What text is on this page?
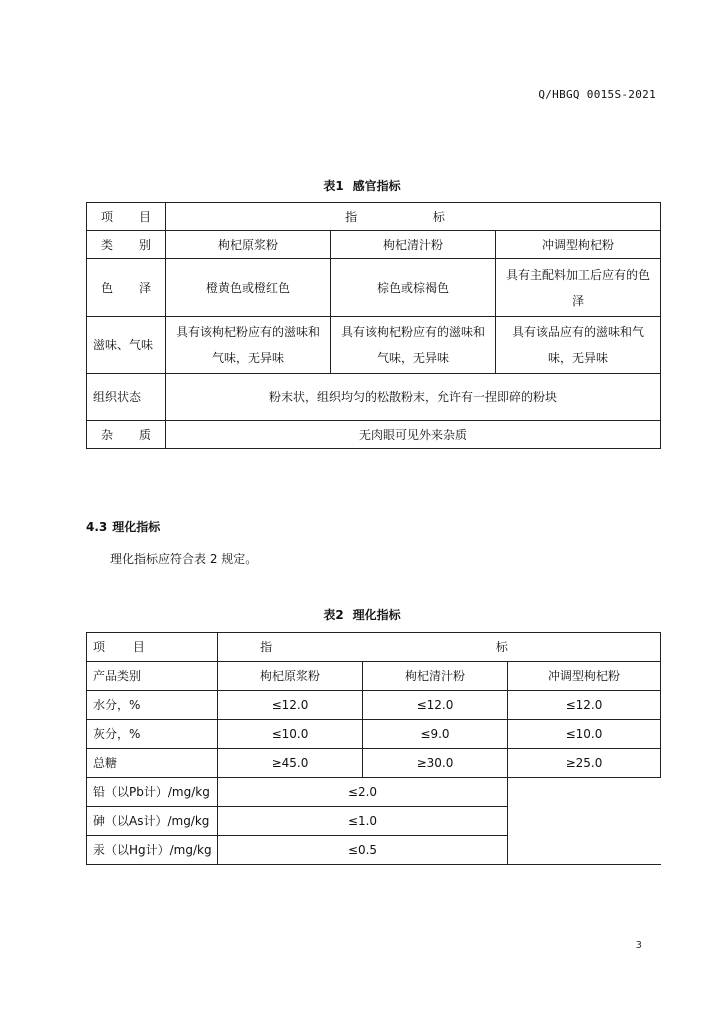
Q/HBGQ 0015S-2021
表1 感官指标
项 目	指 标		
类 别	枸杞原浆粉	枸杞清汁粉	冲调型枸杞粉
色 泽	橙黄色或橙红色	棕色或棕褐色	具有主配料加工后应有的色泽
滋味、气味	具有该枸杞粉应有的滋味和气味，无异味	具有该枸杞粉应有的滋味和气味，无异味	具有该品应有的滋味和气味，无异味
组织状态	粉末状，组织均匀的松散粉末，允许有一捏即碎的粉块		
杂 质	无肉眼可见外来杂质		
4.3 理化指标
理化指标应符合表 2 规定。
表2 理化指标
项 目	指 标		
产品类别	枸杞原浆粉	枸杞清汁粉	冲调型枸杞粉
水分，%	≤12.0	≤12.0	≤12.0
灰分，%	≤10.0	≤9.0	≤10.0
总糖	≥45.0	≥30.0	≥25.0
铅（以Pb计）/mg/kg	≤2.0		
砷（以As计）/mg/kg	≤1.0		
汞（以Hg计）/mg/kg	≤0.5		
3
